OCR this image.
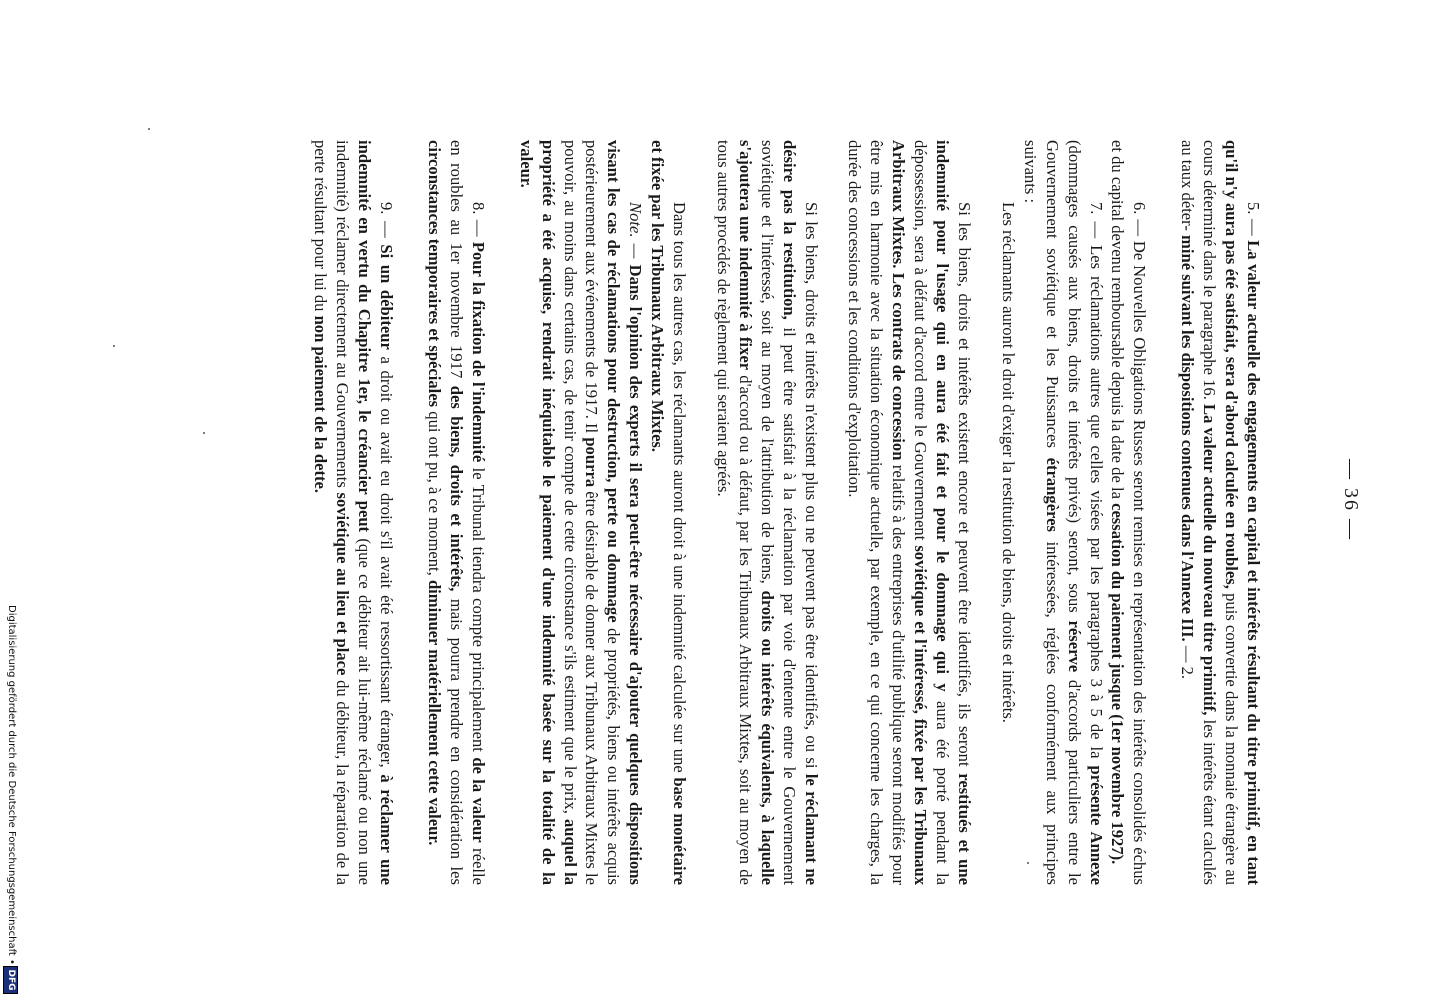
— 36 —

5. — La valeur actuelle des engagements en capital et intérêts résultant du titre primitif, en tant qu'il n'y aura pas été satisfait, sera d'abord calculée en roubles, puis convertie dans la monnaie étrangère au cours déterminé dans le paragraphe 16. La valeur actuelle du nouveau titre primitif, les intérêts étant calculés au taux déter- miné suivant les dispositions contenues dans l'Annexe III. — 2.

6. — De Nouvelles Obligations Russes seront remises en représentation des intérêts consolidés échus et du capital devenu remboursable depuis la date de la cessation du paiement jusque (1er novembre 1927).

7. — Les réclamations autres que celles visées par les paragraphes 3 à 5 de la présente Annexe (dommages causés aux biens, droits et intérêts privés) seront, sous réserve d'accords particuliers entre le Gouvernement soviétique et les Puissances étrangères intéressées, réglées conformément aux principes suivants :

Les réclamants auront le droit d'exiger la restitution de biens, droits et intérêts.

Si les biens, droits et intérêts existent encore et peuvent être identifiés, ils seront restitués et une indemnité pour l'usage qui en aura été fait et pour le dommage qui y aura été porté pendant la dépossession, sera à défaut d'accord entre le Gouvernement soviétique et l'intéressé, fixée par les Tribunaux Arbitraux Mixtes. Les contrats de concession relatifs à des entreprises d'utilité publique seront modifiés pour être mis en harmonie avec la situation économique actuelle, par exemple, en ce qui concerne les charges, la durée des concessions et les conditions d'exploitation.

Si les biens, droits et intérêts n'existent plus ou ne peuvent pas être identifiés, ou si le réclamant ne désire pas la restitution, il peut être satisfait à la réclamation par voie d'entente entre le Gouvernement soviétique et l'intéressé, soit au moyen de l'attribution de biens, droits ou intérêts équivalents, à laquelle s'ajoutera une indemnité à fixer d'accord ou à défaut, par les Tribunaux Arbitraux Mixtes, soit au moyen de tous autres procédés de règlement qui seraient agréés.

Dans tous les autres cas, les réclamants auront droit à une indemnité calculée sur une base monétaire et fixée par les Tribunaux Arbitraux Mixtes.

Note. — Dans l'opinion des experts il sera peut-être nécessaire d'ajouter quelques dispositions visant les cas de réclamations pour destruction, perte ou dommage de propriétés, biens ou intérêts acquis postérieurement aux événements de 1917. Il pourra être désirable de donner aux Tribunaux Arbitraux Mixtes le pouvoir, au moins dans certains cas, de tenir compte de cette circonstance s'ils estiment que le prix, auquel la propriété a été acquise, rendrait inéquitable le paiement d'une indemnité basée sur la totalité de la valeur.

8. — Pour la fixation de l'indemnité le Tribunal tiendra compte principalement de la valeur réelle en roubles au 1er novembre 1917 des biens, droits et intérêts, mais pourra prendre en considération les circonstances temporaires et spéciales qui ont pu, à ce moment, diminuer matériellement cette valeur.

9. — Si un débiteur a droit ou avait eu droit s'il avait été ressortissant étranger, à réclamer une indemnité en vertu du Chapitre 1er, le créancier peut (que ce débiteur ait lui-même réclamé ou non une indemnité) réclamer directement au Gouvernements soviétique au lieu et place du débiteur, la réparation de la perte résultant pour lui du non paiement de la dette.

Digitalisierung gefördert durch die Deutsche Forschungsgemeinschaft •
DFG
